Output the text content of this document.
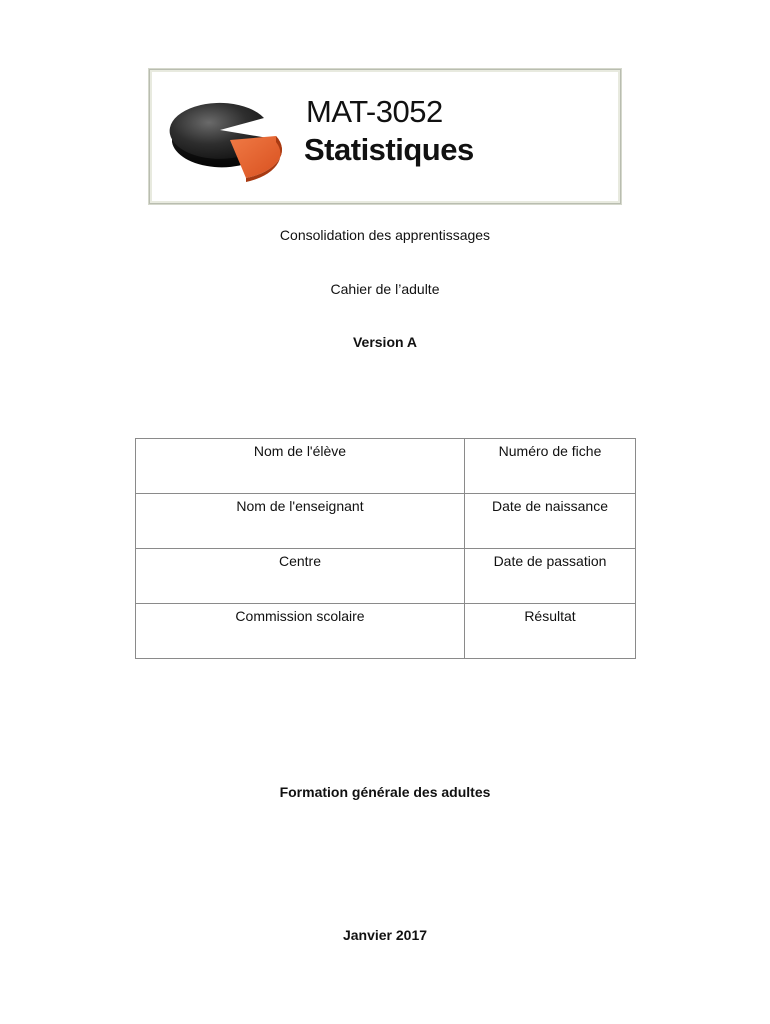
MAT-3052
Statistiques
Consolidation des apprentissages
Cahier de l’adulte
Version A
Nom de l'élève	Numéro de fiche
Nom de l'enseignant	Date de naissance
Centre	Date de passation
Commission scolaire	Résultat
Formation générale des adultes
Janvier 2017
